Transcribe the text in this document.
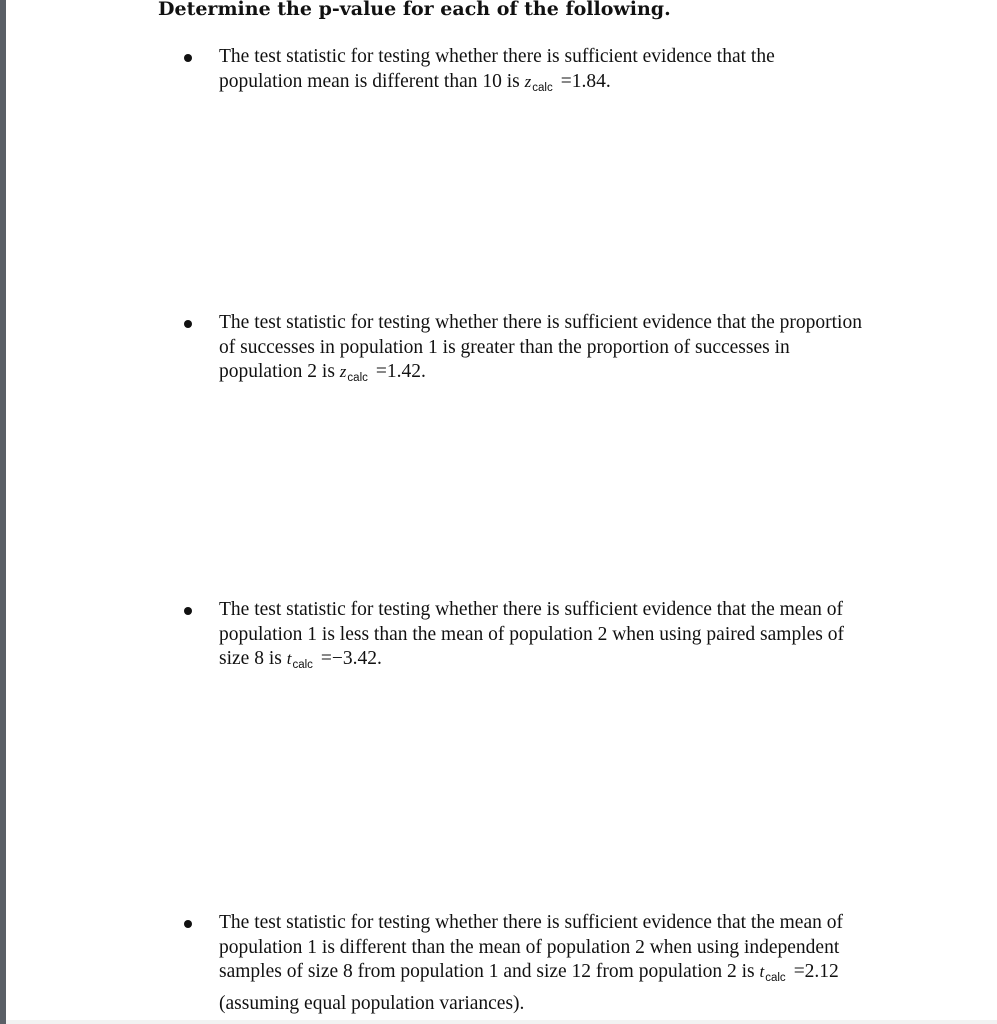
Determine the p-value for each of the following.

The test statistic for testing whether there is sufficient evidence that the

population mean is different than 10 is $z_{calc} =1.84$.

The test statistic for testing whether there is sufficient evidence that the proportion

of successes in population 1 is greater than the proportion of successes in

population 2 is $z_{calc} =1.42$.

The test statistic for testing whether there is sufficient evidence that the mean of

population 1 is less than the mean of population 2 when using paired samples of

size 8 is $t_{calc} =-3.42$.

The test statistic for testing whether there is sufficient evidence that the mean of

population 1 is different than the mean of population 2 when using independent

samples of size 8 from population 1 and size 12 from population 2 is $t_{calc} =2.12$

(assuming equal population variances).
